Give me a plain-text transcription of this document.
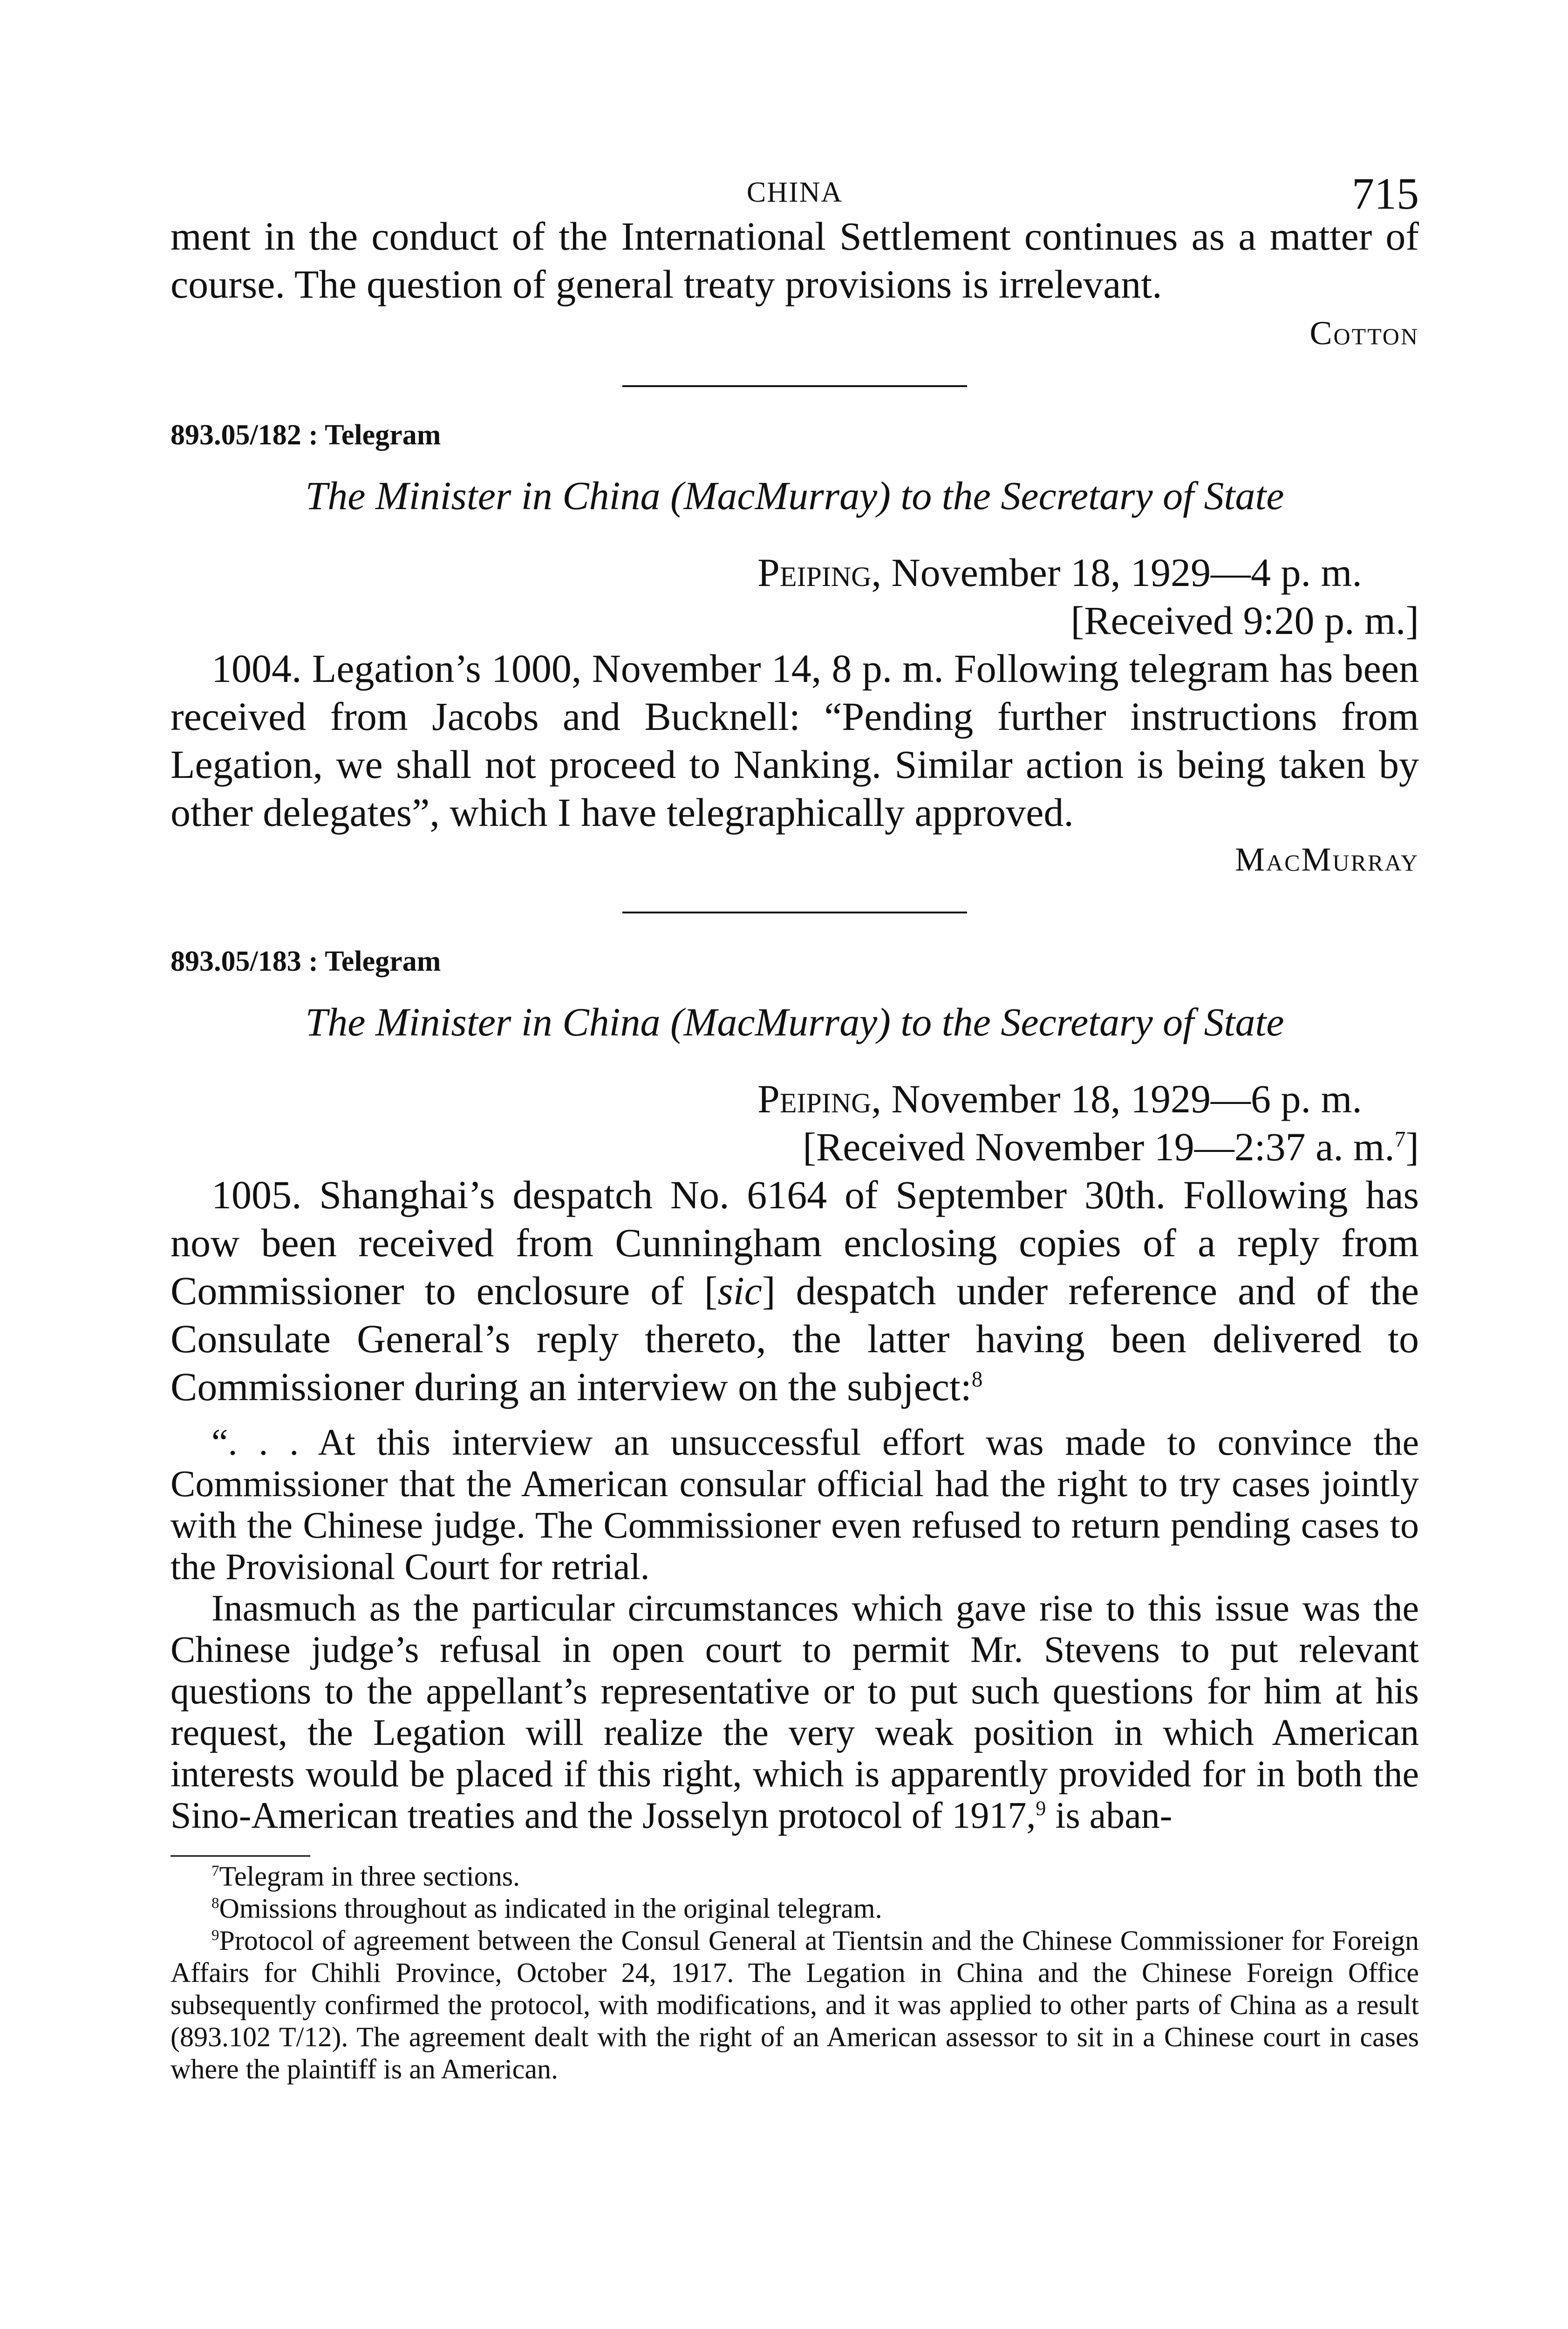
CHINA	715

ment in the conduct of the International Settlement continues as a matter of course. The question of general treaty provisions is irrelevant.

Cotton

893.05/182 : Telegram

The Minister in China (MacMurray) to the Secretary of State

Peiping, November 18, 1929—4 p. m.

[Received 9:20 p. m.]

1004. Legation’s 1000, November 14, 8 p. m. Following telegram has been received from Jacobs and Bucknell: “Pending further instructions from Legation, we shall not proceed to Nanking. Similar action is being taken by other delegates”, which I have telegraphically approved.

MacMurray

893.05/183 : Telegram

The Minister in China (MacMurray) to the Secretary of State

Peiping, November 18, 1929—6 p. m.

[Received November 19—2:37 a. m.$^7$]

1005. Shanghai’s despatch No. 6164 of September 30th. Following has now been received from Cunningham enclosing copies of a reply from Commissioner to enclosure of [sic] despatch under reference and of the Consulate General’s reply thereto, the latter having been delivered to Commissioner during an interview on the subject:$^8$

“. . . At this interview an unsuccessful effort was made to convince the Commissioner that the American consular official had the right to try cases jointly with the Chinese judge. The Commissioner even refused to return pending cases to the Provisional Court for retrial.

Inasmuch as the particular circumstances which gave rise to this issue was the Chinese judge’s refusal in open court to permit Mr. Stevens to put relevant questions to the appellant’s representative or to put such questions for him at his request, the Legation will realize the very weak position in which American interests would be placed if this right, which is apparently provided for in both the Sino-American treaties and the Josselyn protocol of 1917,$^9$ is aban-

$^7$Telegram in three sections.

$^8$Omissions throughout as indicated in the original telegram.

$^9$Protocol of agreement between the Consul General at Tientsin and the Chinese Commissioner for Foreign Affairs for Chihli Province, October 24, 1917. The Legation in China and the Chinese Foreign Office subsequently confirmed the protocol, with modifications, and it was applied to other parts of China as a result (893.102 T/12). The agreement dealt with the right of an American assessor to sit in a Chinese court in cases where the plaintiff is an American.
